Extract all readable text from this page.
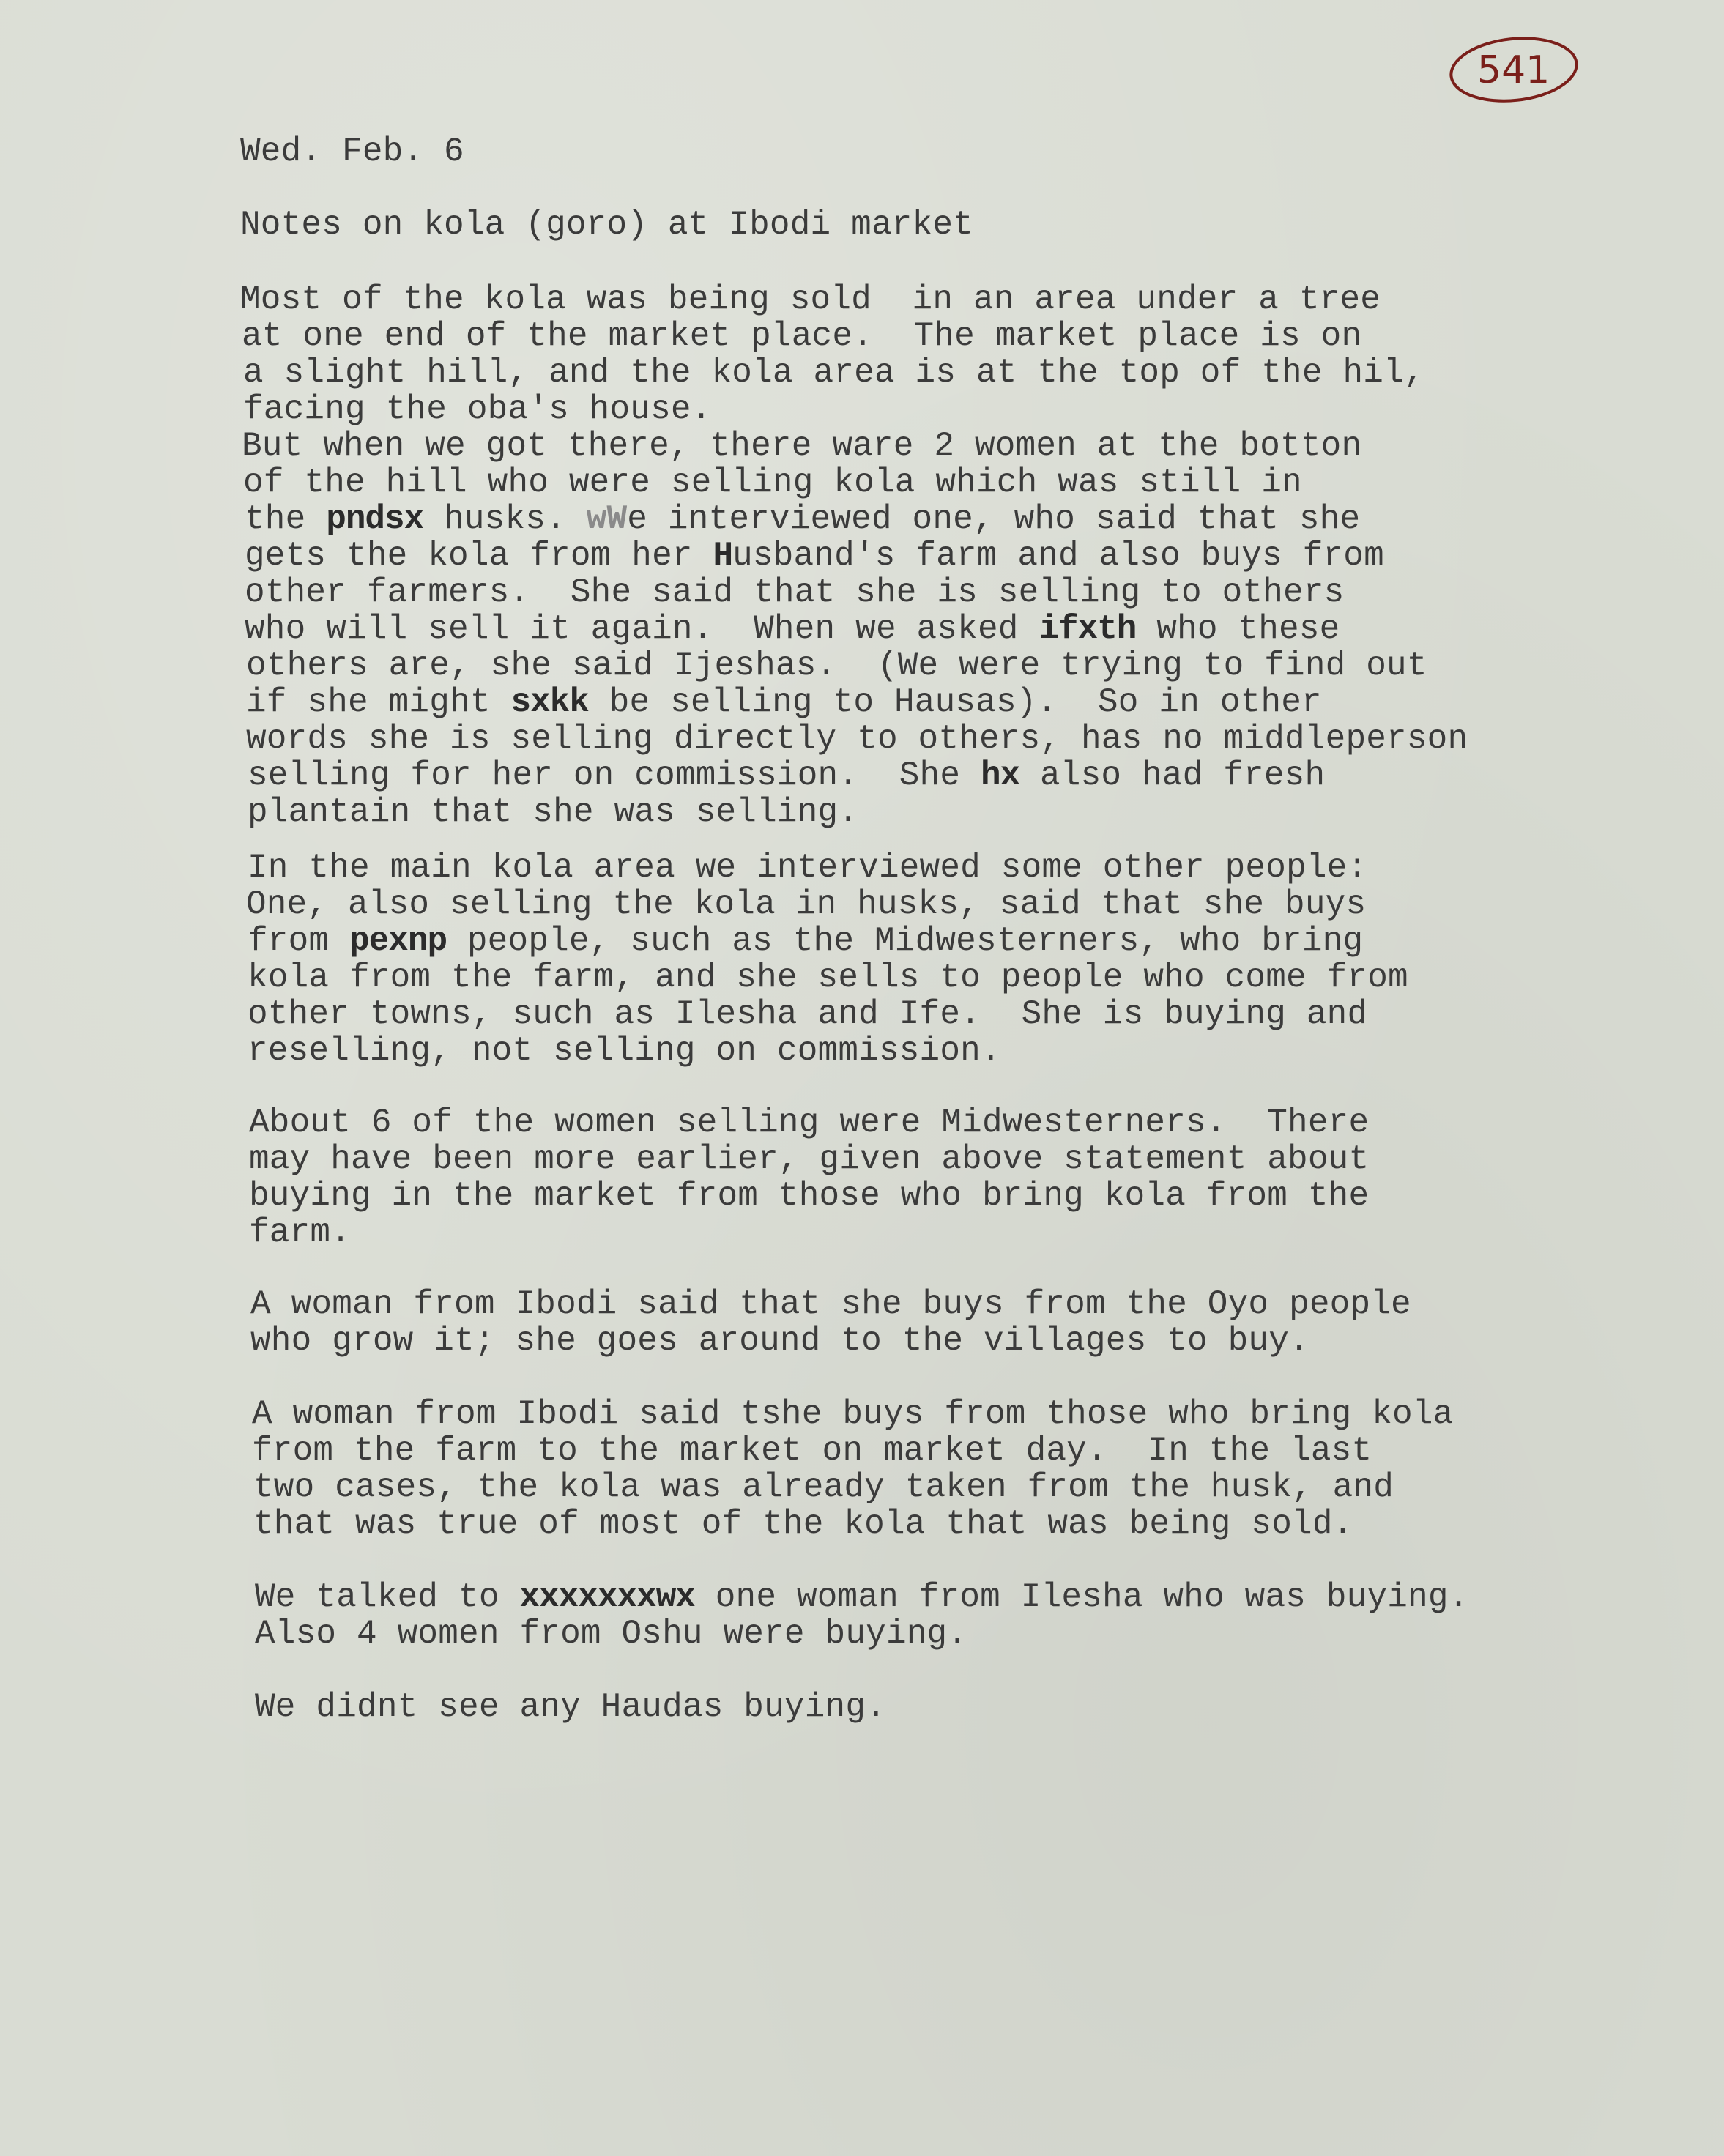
541
Wed. Feb. 6
Notes on kola (goro) at Ibodi market
Most of the kola was being sold  in an area under a tree
at one end of the market place.  The market place is on
a slight hill, and the kola area is at the top of the hil,
facing the oba's house.
But when we got there, there ware 2 women at the botton
of the hill who were selling kola which was still in
the pndsx husks. wWe interviewed one, who said that she
gets the kola from her Husband's farm and also buys from
other farmers.  She said that she is selling to others
who will sell it again.  When we asked ifxth who these
others are, she said Ijeshas.  (We were trying to find out
if she might sxkk be selling to Hausas).  So in other
words she is selling directly to others, has no middleperson
selling for her on commission.  She hx also had fresh
plantain that she was selling.
In the main kola area we interviewed some other people:
One, also selling the kola in husks, said that she buys
from pexnp people, such as the Midwesterners, who bring
kola from the farm, and she sells to people who come from
other towns, such as Ilesha and Ife.  She is buying and
reselling, not selling on commission.
About 6 of the women selling were Midwesterners.  There
may have been more earlier, given above statement about
buying in the market from those who bring kola from the
farm.
A woman from Ibodi said that she buys from the Oyo people
who grow it; she goes around to the villages to buy.
A woman from Ibodi said tshe buys from those who bring kola
from the farm to the market on market day.  In the last
two cases, the kola was already taken from the husk, and
that was true of most of the kola that was being sold.
We talked to xxxxxxxwx one woman from Ilesha who was buying.
Also 4 women from Oshu were buying.
We didnt see any Haudas buying.
